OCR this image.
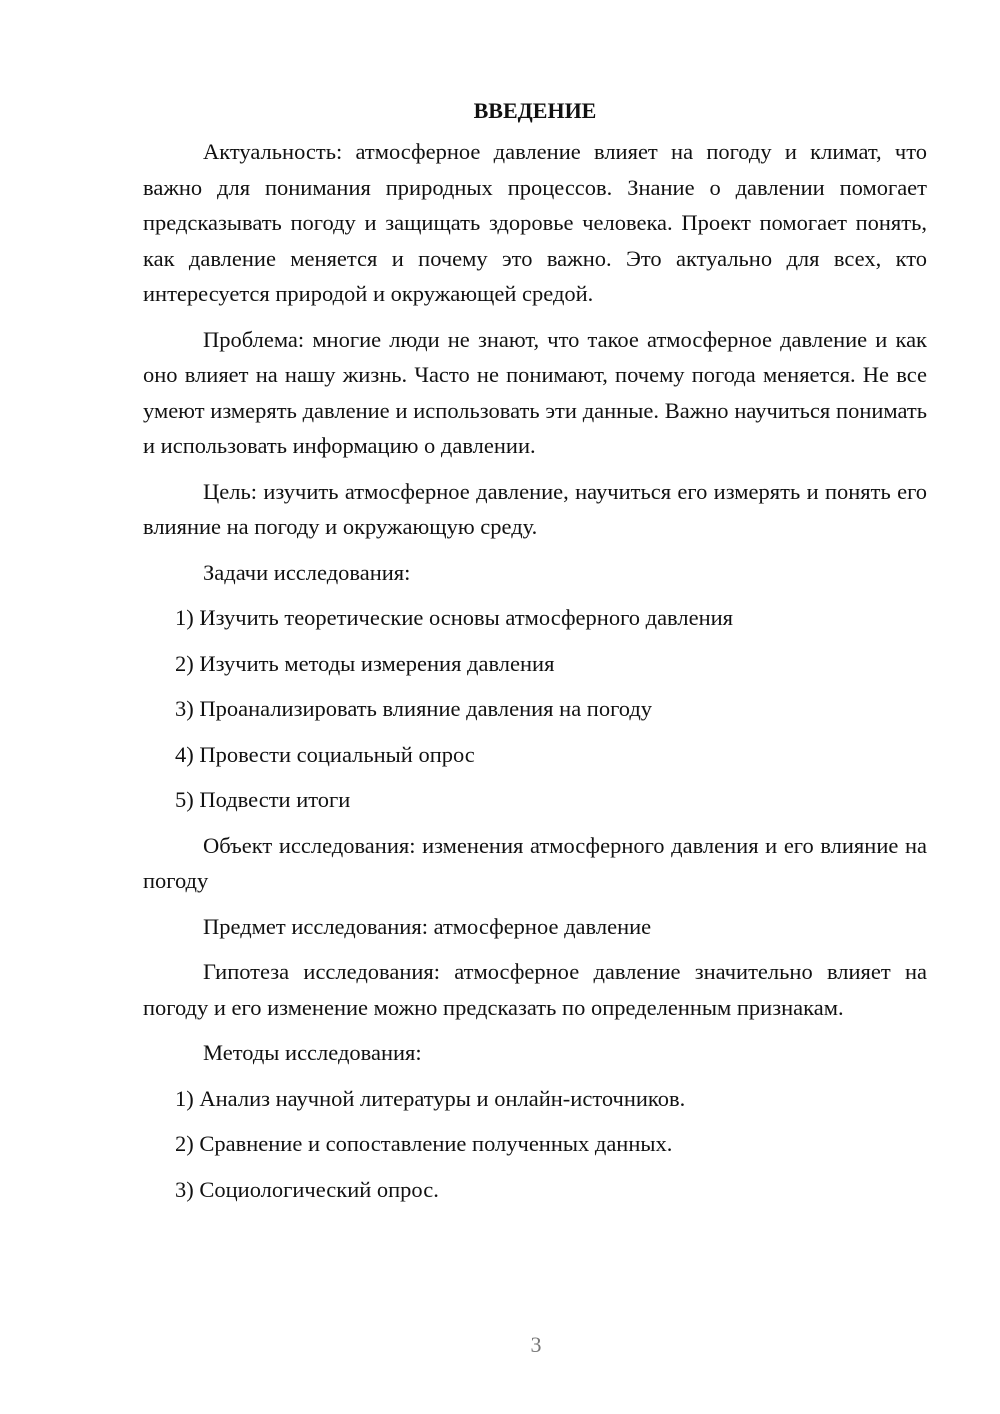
ВВЕДЕНИЕ

Актуальность: атмосферное давление влияет на погоду и климат, что важно для понимания природных процессов. Знание о давлении помогает предсказывать погоду и защищать здоровье человека. Проект помогает понять, как давление меняется и почему это важно. Это актуально для всех, кто интересуется природой и окружающей средой.

Проблема: многие люди не знают, что такое атмосферное давление и как оно влияет на нашу жизнь. Часто не понимают, почему погода меняется. Не все умеют измерять давление и использовать эти данные. Важно научиться понимать и использовать информацию о давлении.

Цель: изучить атмосферное давление, научиться его измерять и понять его влияние на погоду и окружающую среду.

Задачи исследования:

1) Изучить теоретические основы атмосферного давления
2) Изучить методы измерения давления
3) Проанализировать влияние давления на погоду
4) Провести социальный опрос
5) Подвести итоги

Объект исследования: изменения атмосферного давления и его влияние на погоду

Предмет исследования: атмосферное давление

Гипотеза исследования: атмосферное давление значительно влияет на погоду и его изменение можно предсказать по определенным признакам.

Методы исследования:

1) Анализ научной литературы и онлайн-источников.
2) Сравнение и сопоставление полученных данных.
3) Социологический опрос.
3
